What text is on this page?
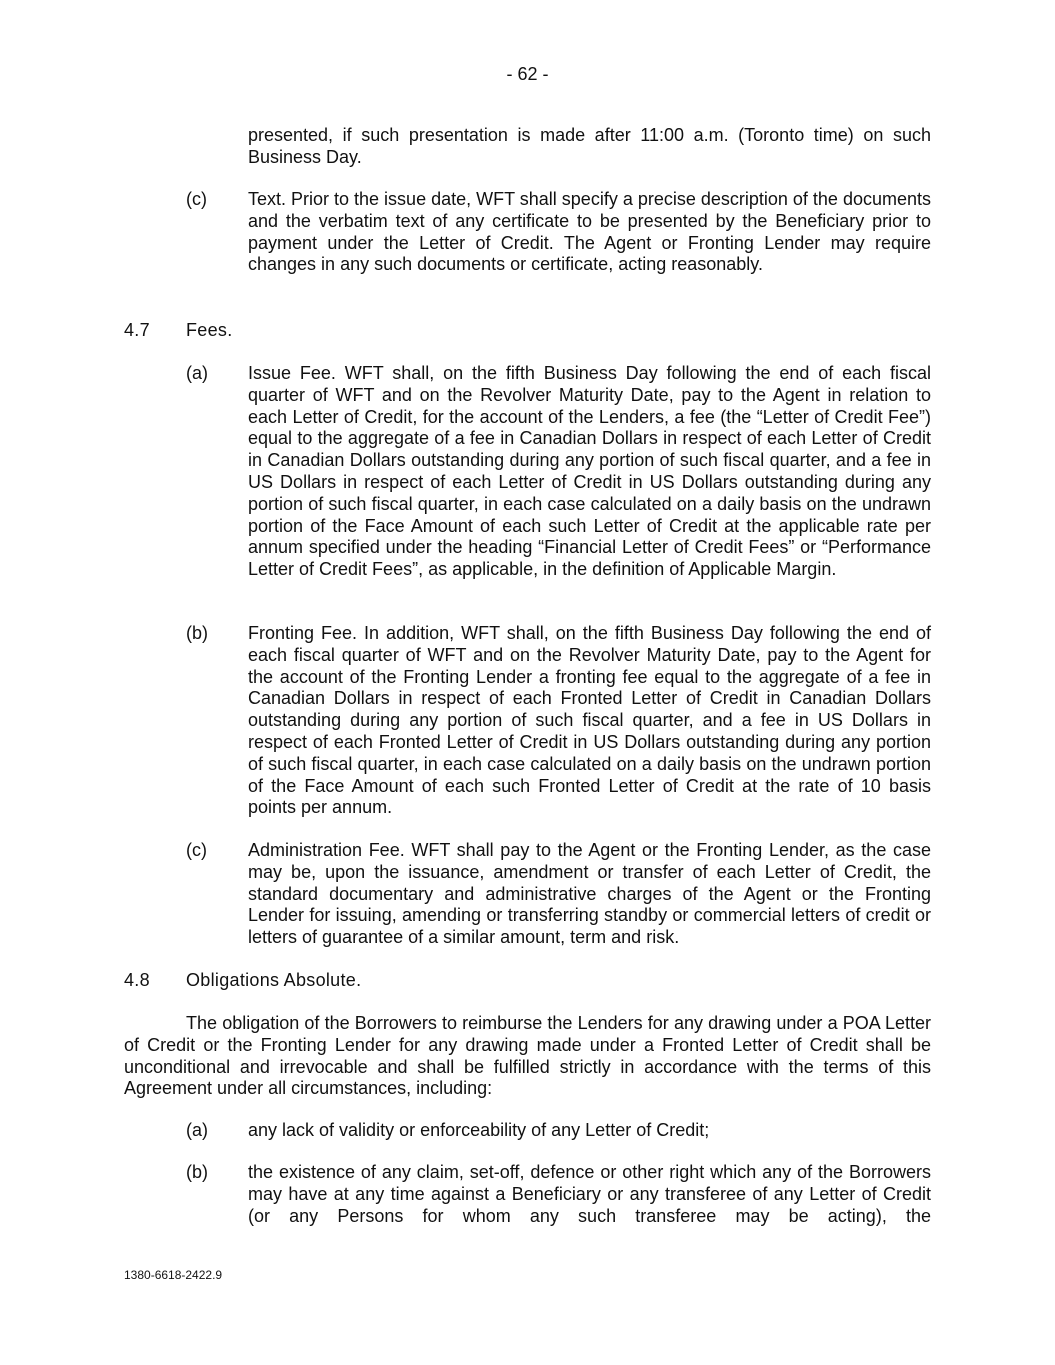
- 62 -

presented, if such presentation is made after 11:00 a.m. (Toronto time) on such Business Day.

(c) Text. Prior to the issue date, WFT shall specify a precise description of the documents and the verbatim text of any certificate to be presented by the Beneficiary prior to payment under the Letter of Credit. The Agent or Fronting Lender may require changes in any such documents or certificate, acting reasonably.

4.7 Fees.
(a) Issue Fee. WFT shall, on the fifth Business Day following the end of each fiscal quarter of WFT and on the Revolver Maturity Date, pay to the Agent in relation to each Letter of Credit, for the account of the Lenders, a fee (the “Letter of Credit Fee”) equal to the aggregate of a fee in Canadian Dollars in respect of each Letter of Credit in Canadian Dollars outstanding during any portion of such fiscal quarter, and a fee in US Dollars in respect of each Letter of Credit in US Dollars outstanding during any portion of such fiscal quarter, in each case calculated on a daily basis on the undrawn portion of the Face Amount of each such Letter of Credit at the applicable rate per annum specified under the heading “Financial Letter of Credit Fees” or “Performance Letter of Credit Fees”, as applicable, in the definition of Applicable Margin.

(b) Fronting Fee. In addition, WFT shall, on the fifth Business Day following the end of each fiscal quarter of WFT and on the Revolver Maturity Date, pay to the Agent for the account of the Fronting Lender a fronting fee equal to the aggregate of a fee in Canadian Dollars in respect of each Fronted Letter of Credit in Canadian Dollars outstanding during any portion of such fiscal quarter, and a fee in US Dollars in respect of each Fronted Letter of Credit in US Dollars outstanding during any portion of such fiscal quarter, in each case calculated on a daily basis on the undrawn portion of the Face Amount of each such Fronted Letter of Credit at the rate of 10 basis points per annum.

(c) Administration Fee. WFT shall pay to the Agent or the Fronting Lender, as the case may be, upon the issuance, amendment or transfer of each Letter of Credit, the standard documentary and administrative charges of the Agent or the Fronting Lender for issuing, amending or transferring standby or commercial letters of credit or letters of guarantee of a similar amount, term and risk.

4.8 Obligations Absolute.

The obligation of the Borrowers to reimburse the Lenders for any drawing under a POA Letter of Credit or the Fronting Lender for any drawing made under a Fronted Letter of Credit shall be unconditional and irrevocable and shall be fulfilled strictly in accordance with the terms of this Agreement under all circumstances, including:

(a) any lack of validity or enforceability of any Letter of Credit;

(b) the existence of any claim, set-off, defence or other right which any of the Borrowers may have at any time against a Beneficiary or any transferee of any Letter of Credit (or any Persons for whom any such transferee may be acting), the

1380-6618-2422.9
